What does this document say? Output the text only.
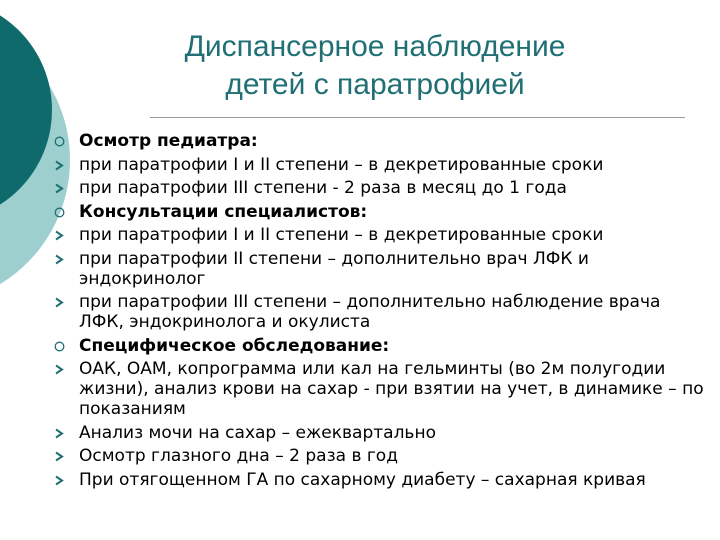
Диспансерное наблюдение
детей с паратрофией
Осмотр педиатра:
при паратрофии I и II степени – в декретированные сроки
при паратрофии III степени - 2 раза в месяц до 1 года
Консультации специалистов:
при паратрофии I и II степени – в декретированные сроки
при паратрофии II степени – дополнительно врач ЛФК и эндокринолог
при паратрофии III степени – дополнительно наблюдение врача ЛФК, эндокринолога и окулиста
Специфическое обследование:
ОАК, ОАМ, копрограмма или кал на гельминты (во 2м полугодии жизни), анализ крови на сахар - при взятии на учет, в динамике – по показаниям
Анализ мочи на сахар – ежеквартально
Осмотр глазного дна – 2 раза в год
При отягощенном ГА по сахарному диабету – сахарная кривая
